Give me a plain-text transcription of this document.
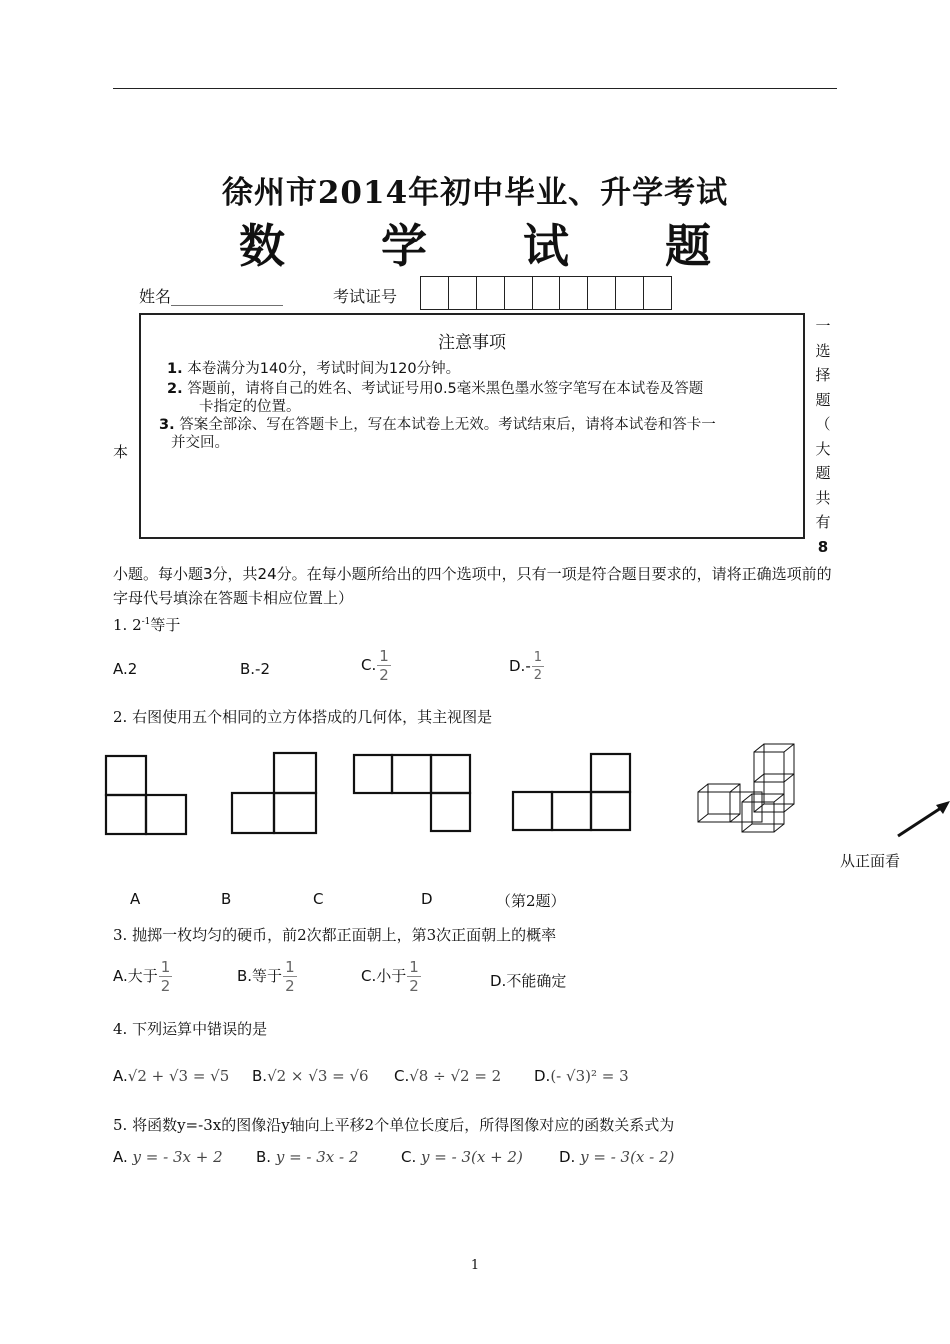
徐州市2014年初中毕业、升学考试
数 学 试 题
姓名______________	考试证号
本
注意事项
1. 本卷满分为140分，考试时间为120分钟。
2. 答题前，请将自己的姓名、考试证号用0.5毫米黑色墨水签字笔写在本试卷及答题
卡指定的位置。
3. 答案全部涂、写在答题卡上，写在本试卷上无效。考试结束后，请将本试卷和答卡一
并交回。
一
选
择
题
（
大
题
共
有
8
小题。每小题3分，共24分。在每小题所给出的四个选项中，只有一项是符合题目要求的，请将正确选项前的字母代号填涂在答题卡相应位置上）
1. $2^{-1}$等于
A.2	B.-2	C. $\frac{1}{2}$	$D.- \frac{1}{2}$
2. 右图使用五个相同的立方体搭成的几何体，其主视图是
从正面看
A	B	C	D	（第2题）
3. 抛掷一枚均匀的硬币，前2次都正面朝上，第3次正面朝上的概率
A.大于 $\frac{1}{2}$	B.等于 $\frac{1}{2}$	C.小于 $\frac{1}{2}$	D.不能确定
4. 下列运算中错误的是
A.√2 + √3 = √5 B.√2 × √3 = √6 C.√8 ÷ √2 = 2 D.(- √3)² = 3
5. 将函数y=-3x的图像沿y轴向上平移2个单位长度后，所得图像对应的函数关系式为
A. y = - 3x + 2 B. y = - 3x - 2	C. y = - 3(x + 2) D. y = - 3(x - 2)
1
